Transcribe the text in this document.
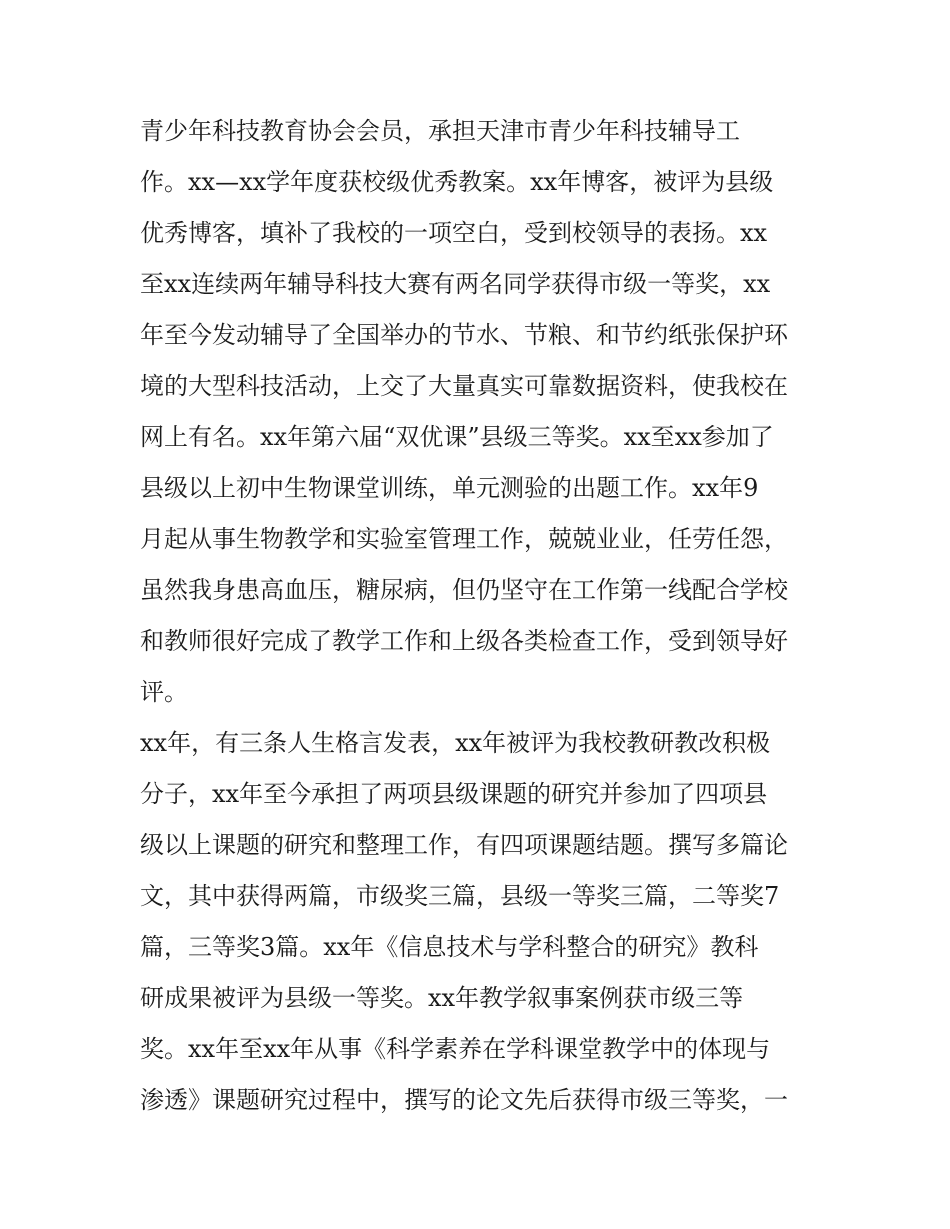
青少年科技教育协会会员，承担天津市青少年科技辅导工
作。xx—xx学年度获校级优秀教案。xx年博客，被评为县级
优秀博客，填补了我校的一项空白，受到校领导的表扬。xx
至xx连续两年辅导科技大赛有两名同学获得市级一等奖，xx
年至今发动辅导了全国举办的节水、节粮、和节约纸张保护环
境的大型科技活动，上交了大量真实可靠数据资料，使我校在
网上有名。xx年第六届“双优课”县级三等奖。xx至xx参加了
县级以上初中生物课堂训练，单元测验的出题工作。xx年9
月起从事生物教学和实验室管理工作，兢兢业业，任劳任怨，
虽然我身患高血压，糖尿病，但仍坚守在工作第一线配合学校
和教师很好完成了教学工作和上级各类检查工作，受到领导好
评。
xx年，有三条人生格言发表，xx年被评为我校教研教改积极
分子，xx年至今承担了两项县级课题的研究并参加了四项县
级以上课题的研究和整理工作，有四项课题结题。撰写多篇论
文，其中获得两篇，市级奖三篇，县级一等奖三篇，二等奖7
篇，三等奖3篇。xx年《信息技术与学科整合的研究》教科
研成果被评为县级一等奖。xx年教学叙事案例获市级三等
奖。xx年至xx年从事《科学素养在学科课堂教学中的体现与
渗透》课题研究过程中，撰写的论文先后获得市级三等奖，一
